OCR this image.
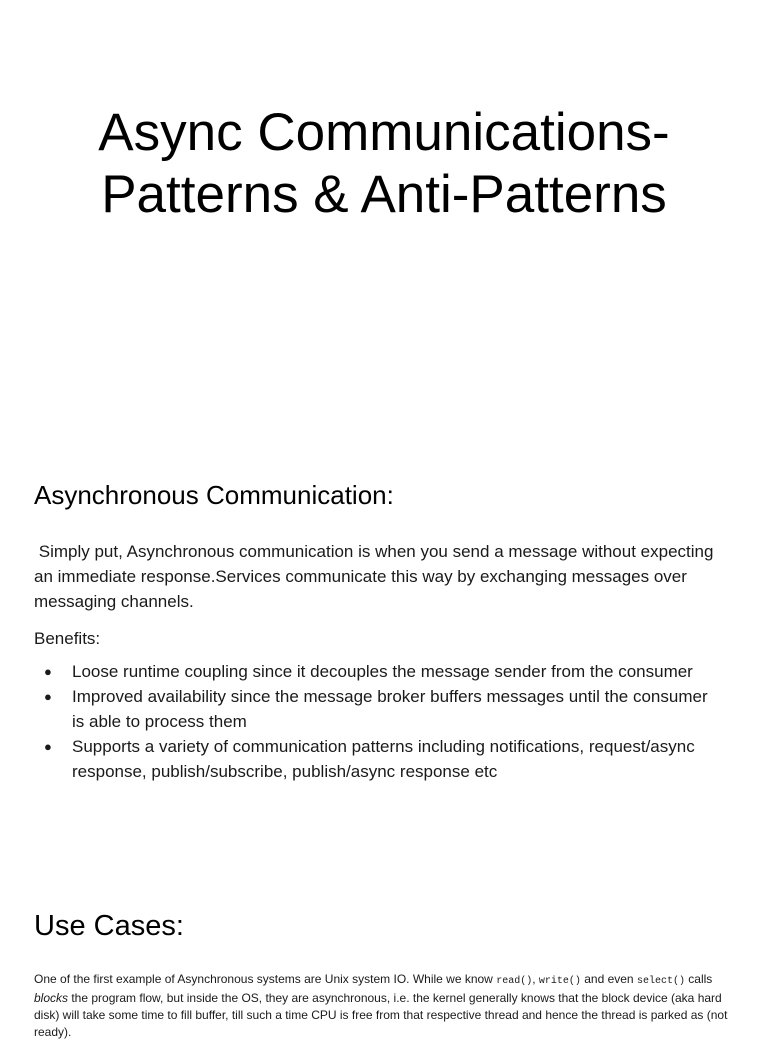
Async Communications-
Patterns & Anti-Patterns
Asynchronous Communication:
Simply put, Asynchronous communication is when you send a message without expecting an immediate response.Services communicate this way by exchanging messages over messaging channels.
Benefits:
● Loose runtime coupling since it decouples the message sender from the consumer
● Improved availability since the message broker buffers messages until the consumer is able to process them
● Supports a variety of communication patterns including notifications, request/async response, publish/subscribe, publish/async response etc
Use Cases:
One of the first example of Asynchronous systems are Unix system IO. While we know read(), write() and even select() calls blocks the program flow, but inside the OS, they are asynchronous, i.e. the kernel generally knows that the block device (aka hard disk) will take some time to fill buffer, till such a time CPU is free from that respective thread and hence the thread is parked as (not ready).
